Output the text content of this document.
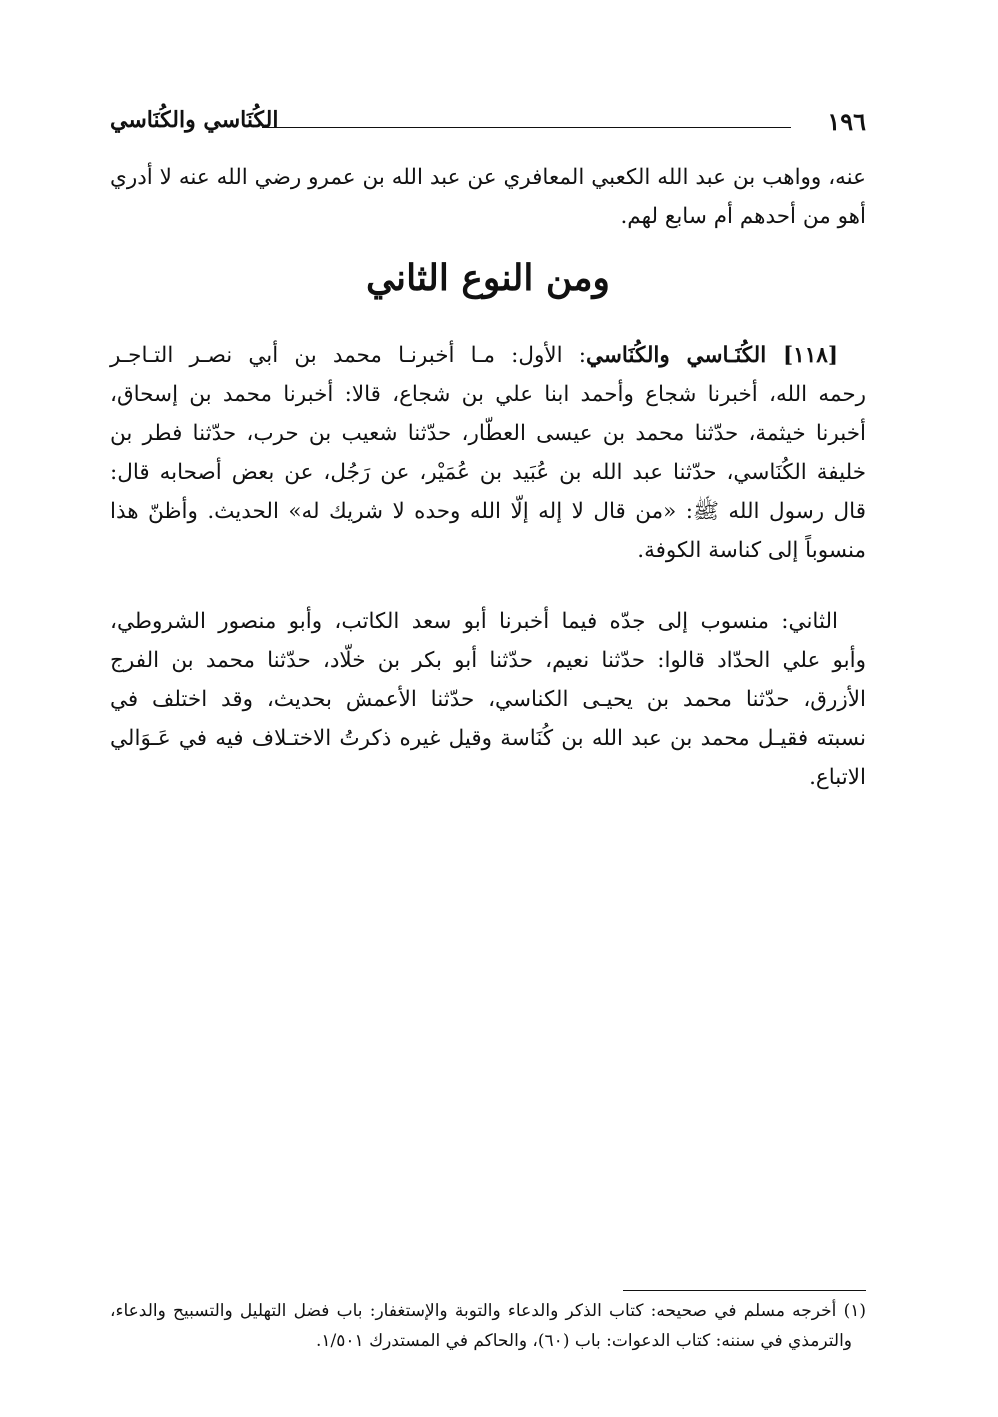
١٩٦
الكُنَاسي والكُنَاسي
عنه، وواهب بن عبد الله الكعبي المعافري عن عبد الله بن عمرو رضي الله عنه لا أدري
أهو من أحدهم أم سابع لهم.
ومن النوع الثاني
[١١٨] الكُنَـاسي والكُنَاسي: الأول: مـا أخبرنـا محمد بن أبي نصـر التـاجـر
رحمه الله، أخبرنا شجاع وأحمد ابنا علي بن شجاع، قالا: أخبرنا محمد بن إسحاق،
أخبرنا خيثمة، حدّثنا محمد بن عيسى العطّار، حدّثنا شعيب بن حرب، حدّثنا فطر بن
خليفة الكُنَاسي، حدّثنا عبد الله بن عُبَيد بن عُمَيْر، عن رَجُل، عن بعض أصحابه قال:
قال رسول الله ﷺ: «من قال لا إله إلّا الله وحده لا شريك له» الحديث. وأظنّ هذا
منسوباً إلى كناسة الكوفة.
الثاني: منسوب إلى جدّه فيما أخبرنا أبو سعد الكاتب، وأبو منصور الشروطي،
وأبو علي الحدّاد قالوا: حدّثنا نعيم، حدّثنا أبو بكر بن خلّاد، حدّثنا محمد بن الفرج
الأزرق، حدّثنا محمد بن يحيـى الكناسي، حدّثنا الأعمش بحديث، وقد اختلف في
نسبته فقيـل محمد بن عبد الله بن كُنَاسة وقيل غيره ذكرتُ الاختـلاف فيه في عَـوَالي
الاتباع.
(١) أخرجه مسلم في صحيحه: كتاب الذكر والدعاء والتوبة والإستغفار: باب فضل التهليل والتسبيح والدعاء،
والترمذي في سننه: كتاب الدعوات: باب (٦٠)، والحاكم في المستدرك ١/٥٠١.
